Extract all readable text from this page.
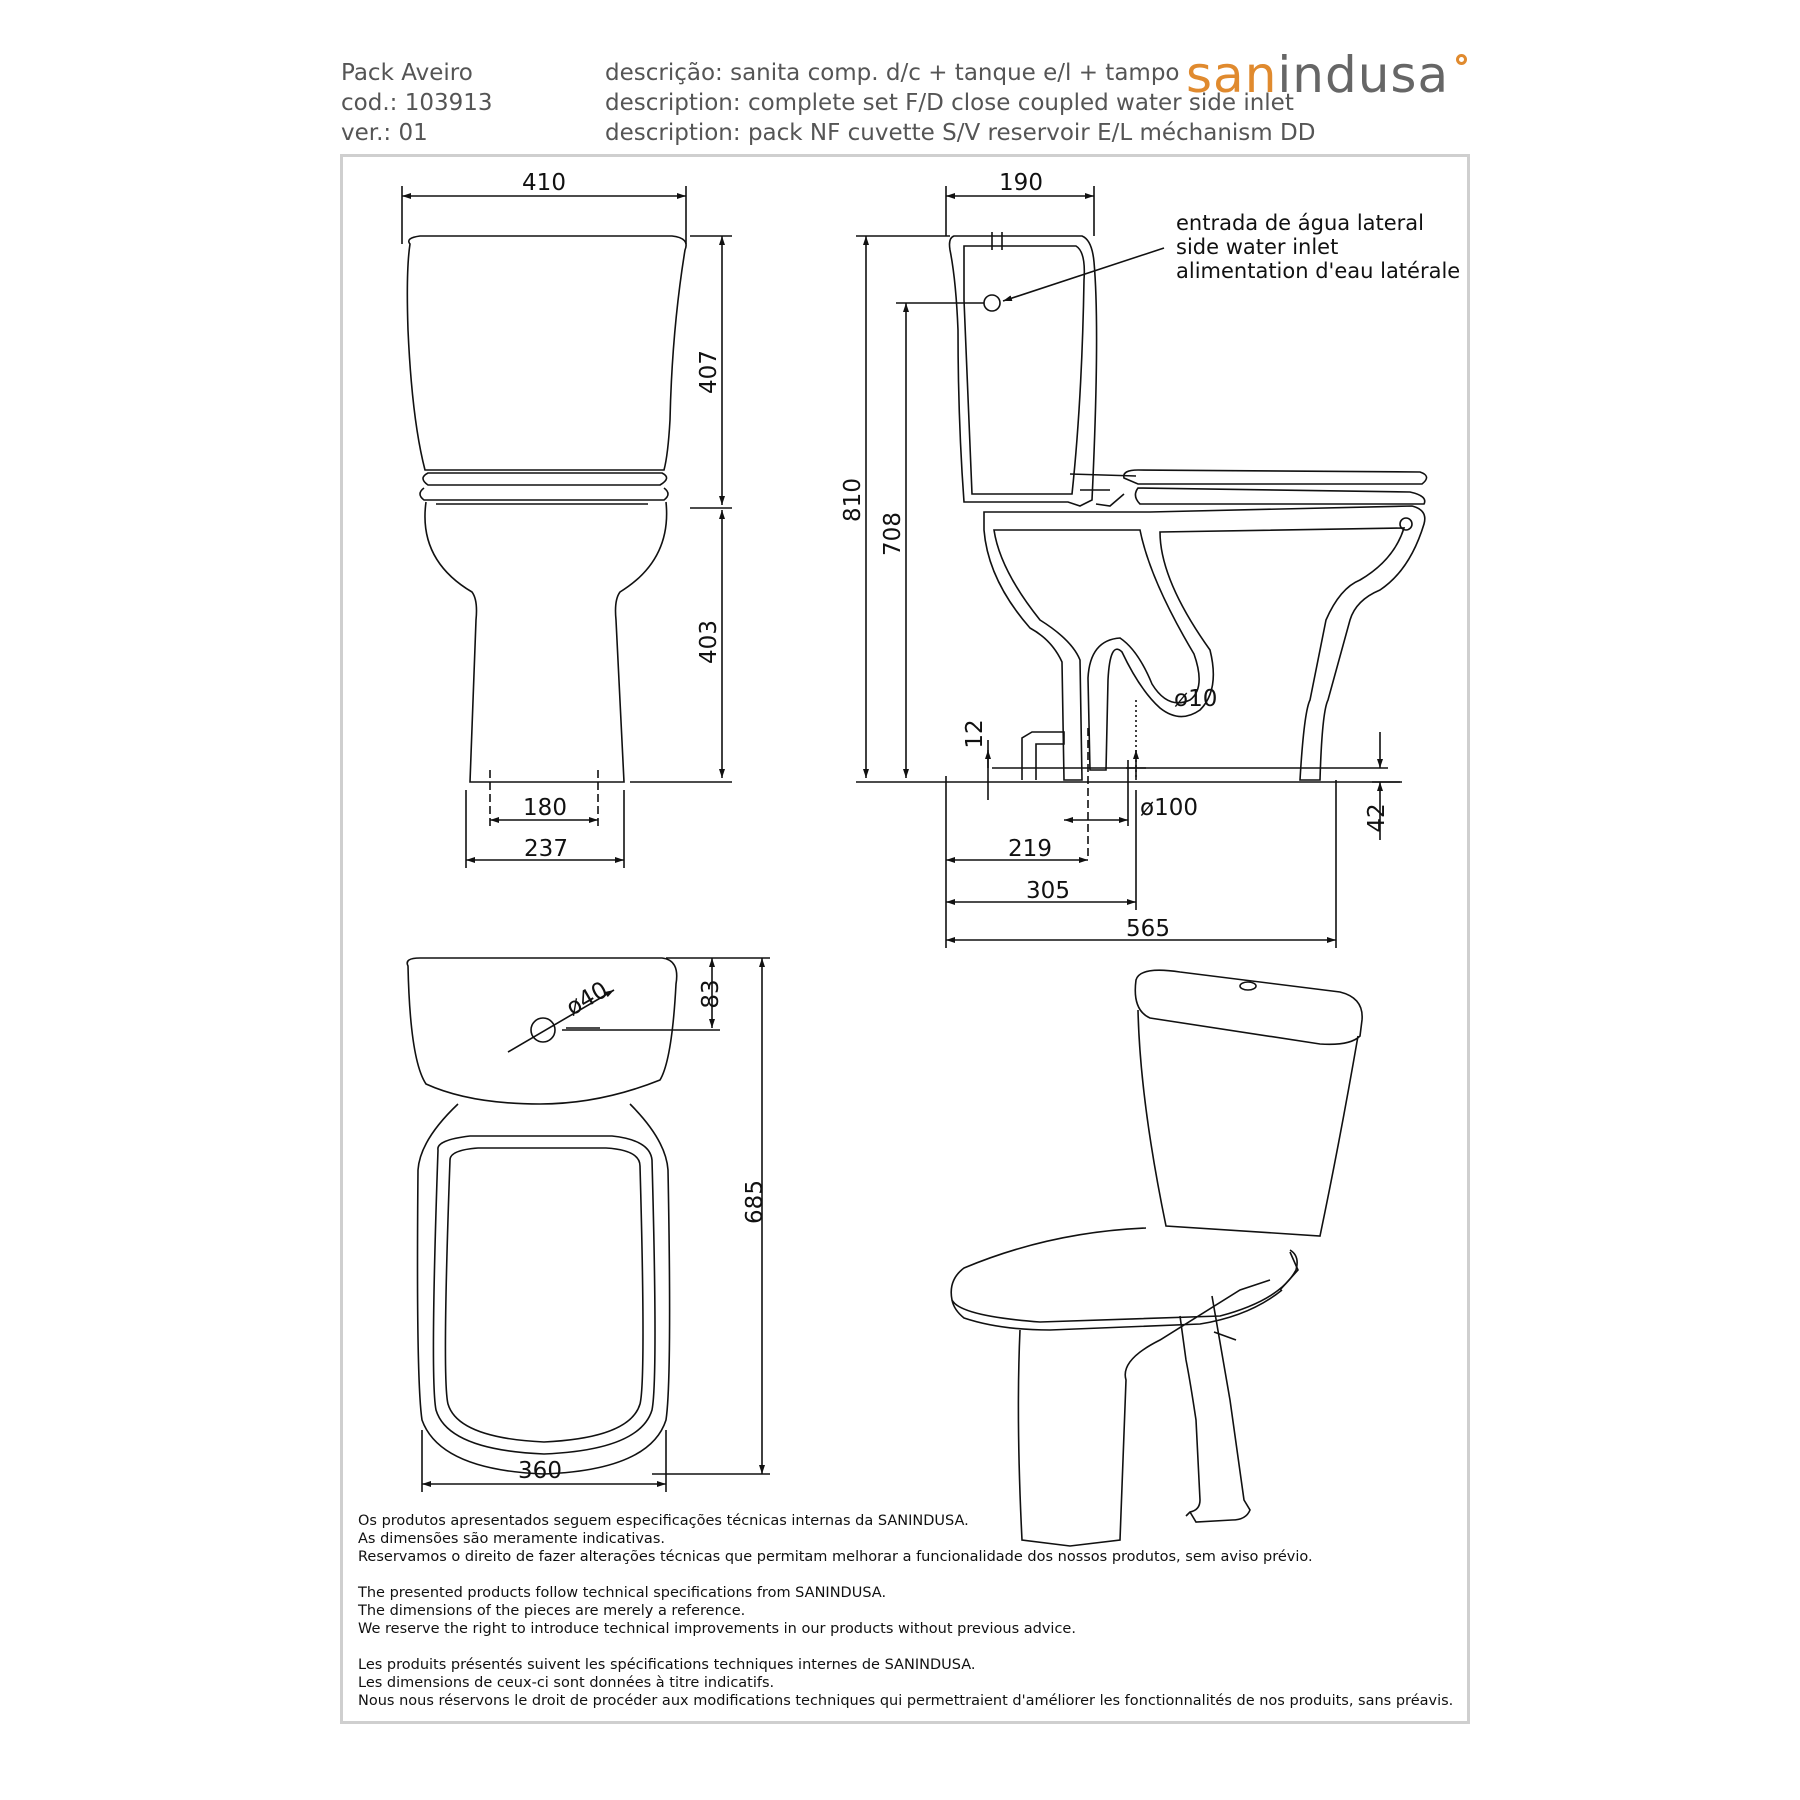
Pack Aveiro
cod.: 103913
ver.: 01
descrição: sanita comp. d/c + tanque e/l + tampo
description: complete set F/D close coupled water side inlet
description: pack NF cuvette S/V reservoir E/L méchanism DD
sanindusa
410
407
403
180
237
190
810
708
12
ø10
ø100	42
219
305
565
entrada de água lateral
side water inlet
alimentation d'eau latérale
ø40	83
685
360
Os produtos apresentados seguem especificações técnicas internas da SANINDUSA.
As dimensões são meramente indicativas.
Reservamos o direito de fazer alterações técnicas que permitam melhorar a funcionalidade dos nossos produtos, sem aviso prévio.
The presented products follow technical specifications from SANINDUSA.
The dimensions of the pieces are merely a reference.
We reserve the right to introduce technical improvements in our products without previous advice.
Les produits présentés suivent les spécifications techniques internes de SANINDUSA.
Les dimensions de ceux-ci sont données à titre indicatifs.
Nous nous réservons le droit de procéder aux modifications techniques qui permettraient d'améliorer les fonctionnalités de nos produits, sans préavis.
